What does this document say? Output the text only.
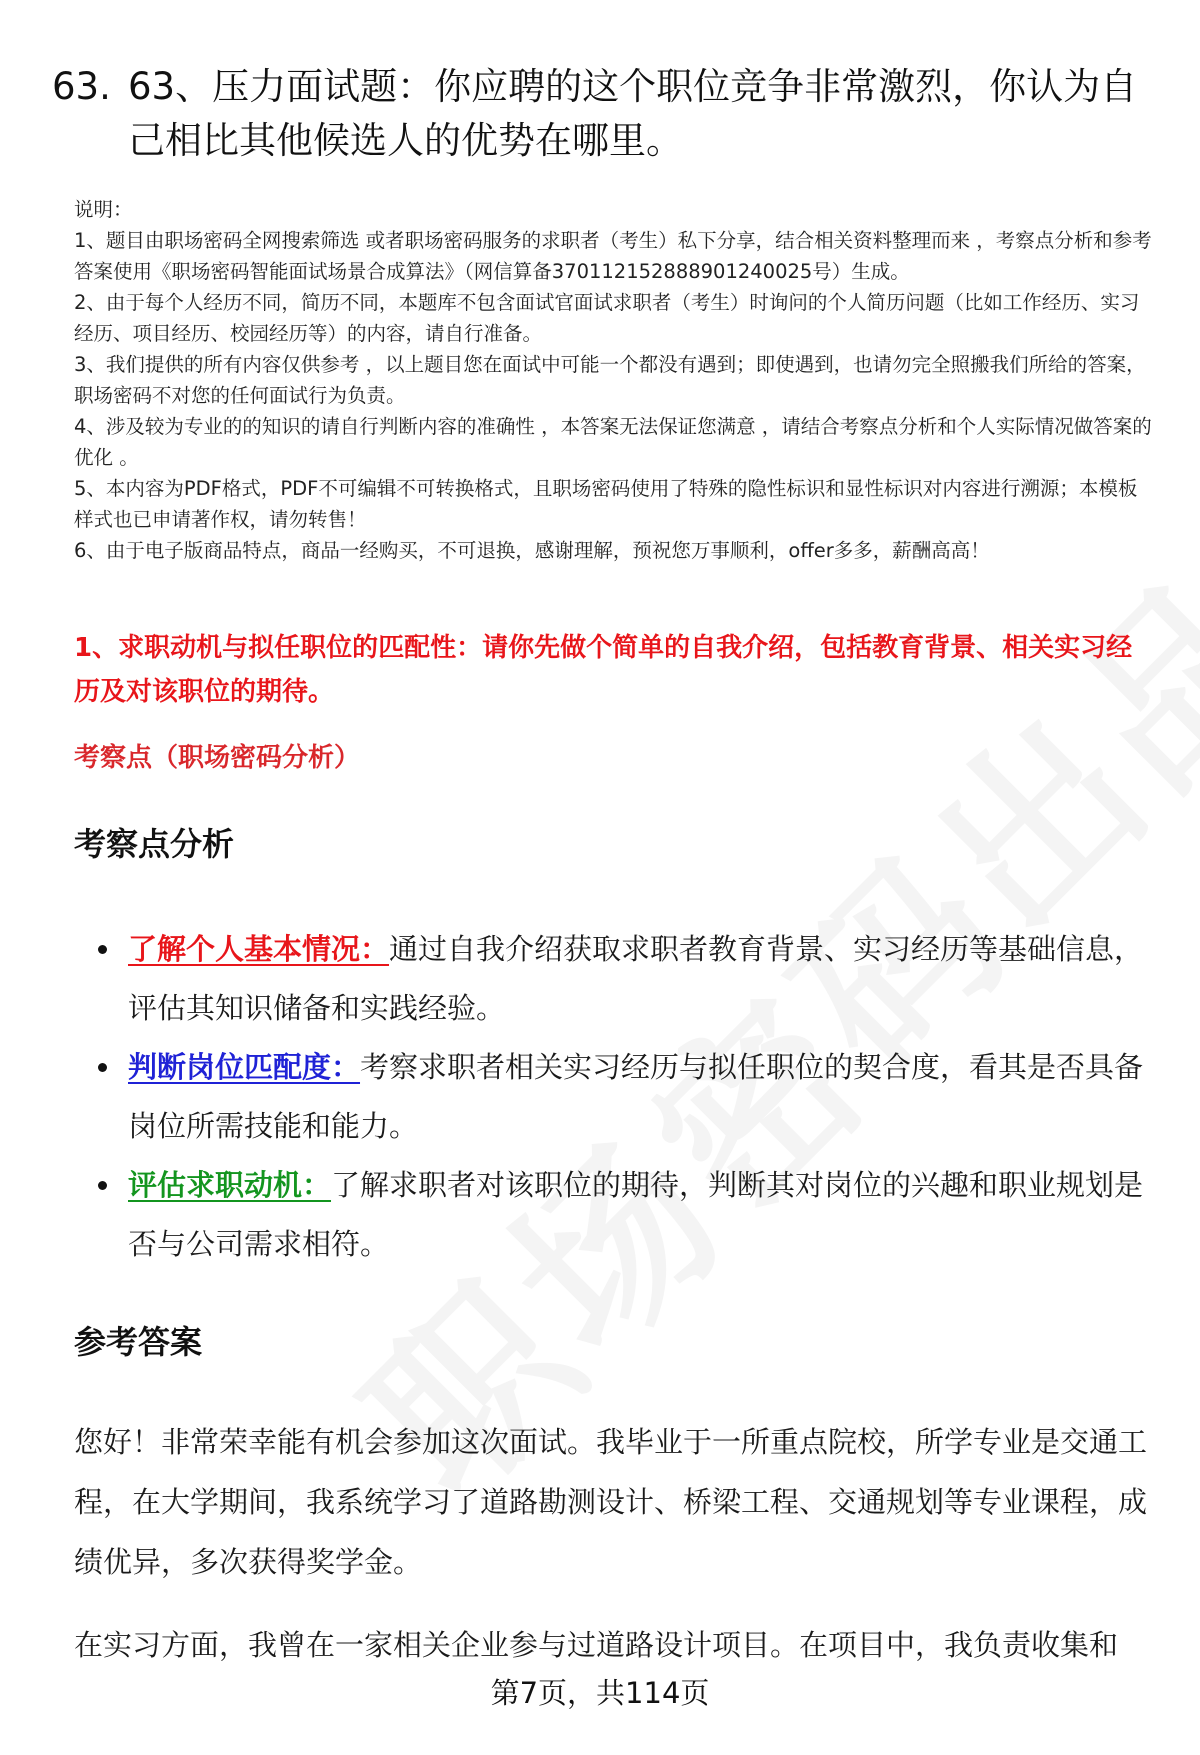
63. 63、压力面试题：你应聘的这个职位竞争非常激烈，你认为自己相比其他候选人的优势在哪里。

说明：

1、题目由职场密码全网搜索筛选 或者职场密码服务的求职者（考生）私下分享，结合相关资料整理而来 ，考察点分析和参考答案使用《职场密码智能面试场景合成算法》（网信算备370112152888901240025号）生成。

2、由于每个人经历不同，简历不同，本题库不包含面试官面试求职者（考生）时询问的个人简历问题（比如工作经历、实习经历、项目经历、校园经历等）的内容，请自行准备。

3、我们提供的所有内容仅供参考 ，以上题目您在面试中可能一个都没有遇到；即使遇到，也请勿完全照搬我们所给的答案，职场密码不对您的任何面试行为负责。

4、涉及较为专业的的知识的请自行判断内容的准确性 ，本答案无法保证您满意 ，请结合考察点分析和个人实际情况做答案的优化 。

5、本内容为PDF格式，PDF不可编辑不可转换格式，且职场密码使用了特殊的隐性标识和显性标识对内容进行溯源；本模板样式也已申请著作权，请勿转售！

6、由于电子版商品特点，商品一经购买，不可退换，感谢理解，预祝您万事顺利，offer多多，薪酬高高！

1、求职动机与拟任职位的匹配性：请你先做个简单的自我介绍，包括教育背景、相关实习经历及对该职位的期待。
考察点（职场密码分析）
考察点分析
了解个人基本情况：通过自我介绍获取求职者教育背景、实习经历等基础信息，评估其知识储备和实践经验。
判断岗位匹配度：考察求职者相关实习经历与拟任职位的契合度，看其是否具备岗位所需技能和能力。
评估求职动机：了解求职者对该职位的期待，判断其对岗位的兴趣和职业规划是否与公司需求相符。
参考答案

您好！非常荣幸能有机会参加这次面试。我毕业于一所重点院校，所学专业是交通工程，在大学期间，我系统学习了道路勘测设计、桥梁工程、交通规划等专业课程，成绩优异，多次获得奖学金。

在实习方面，我曾在一家相关企业参与过道路设计项目。在项目中，我负责收集和

第7页，共114页
